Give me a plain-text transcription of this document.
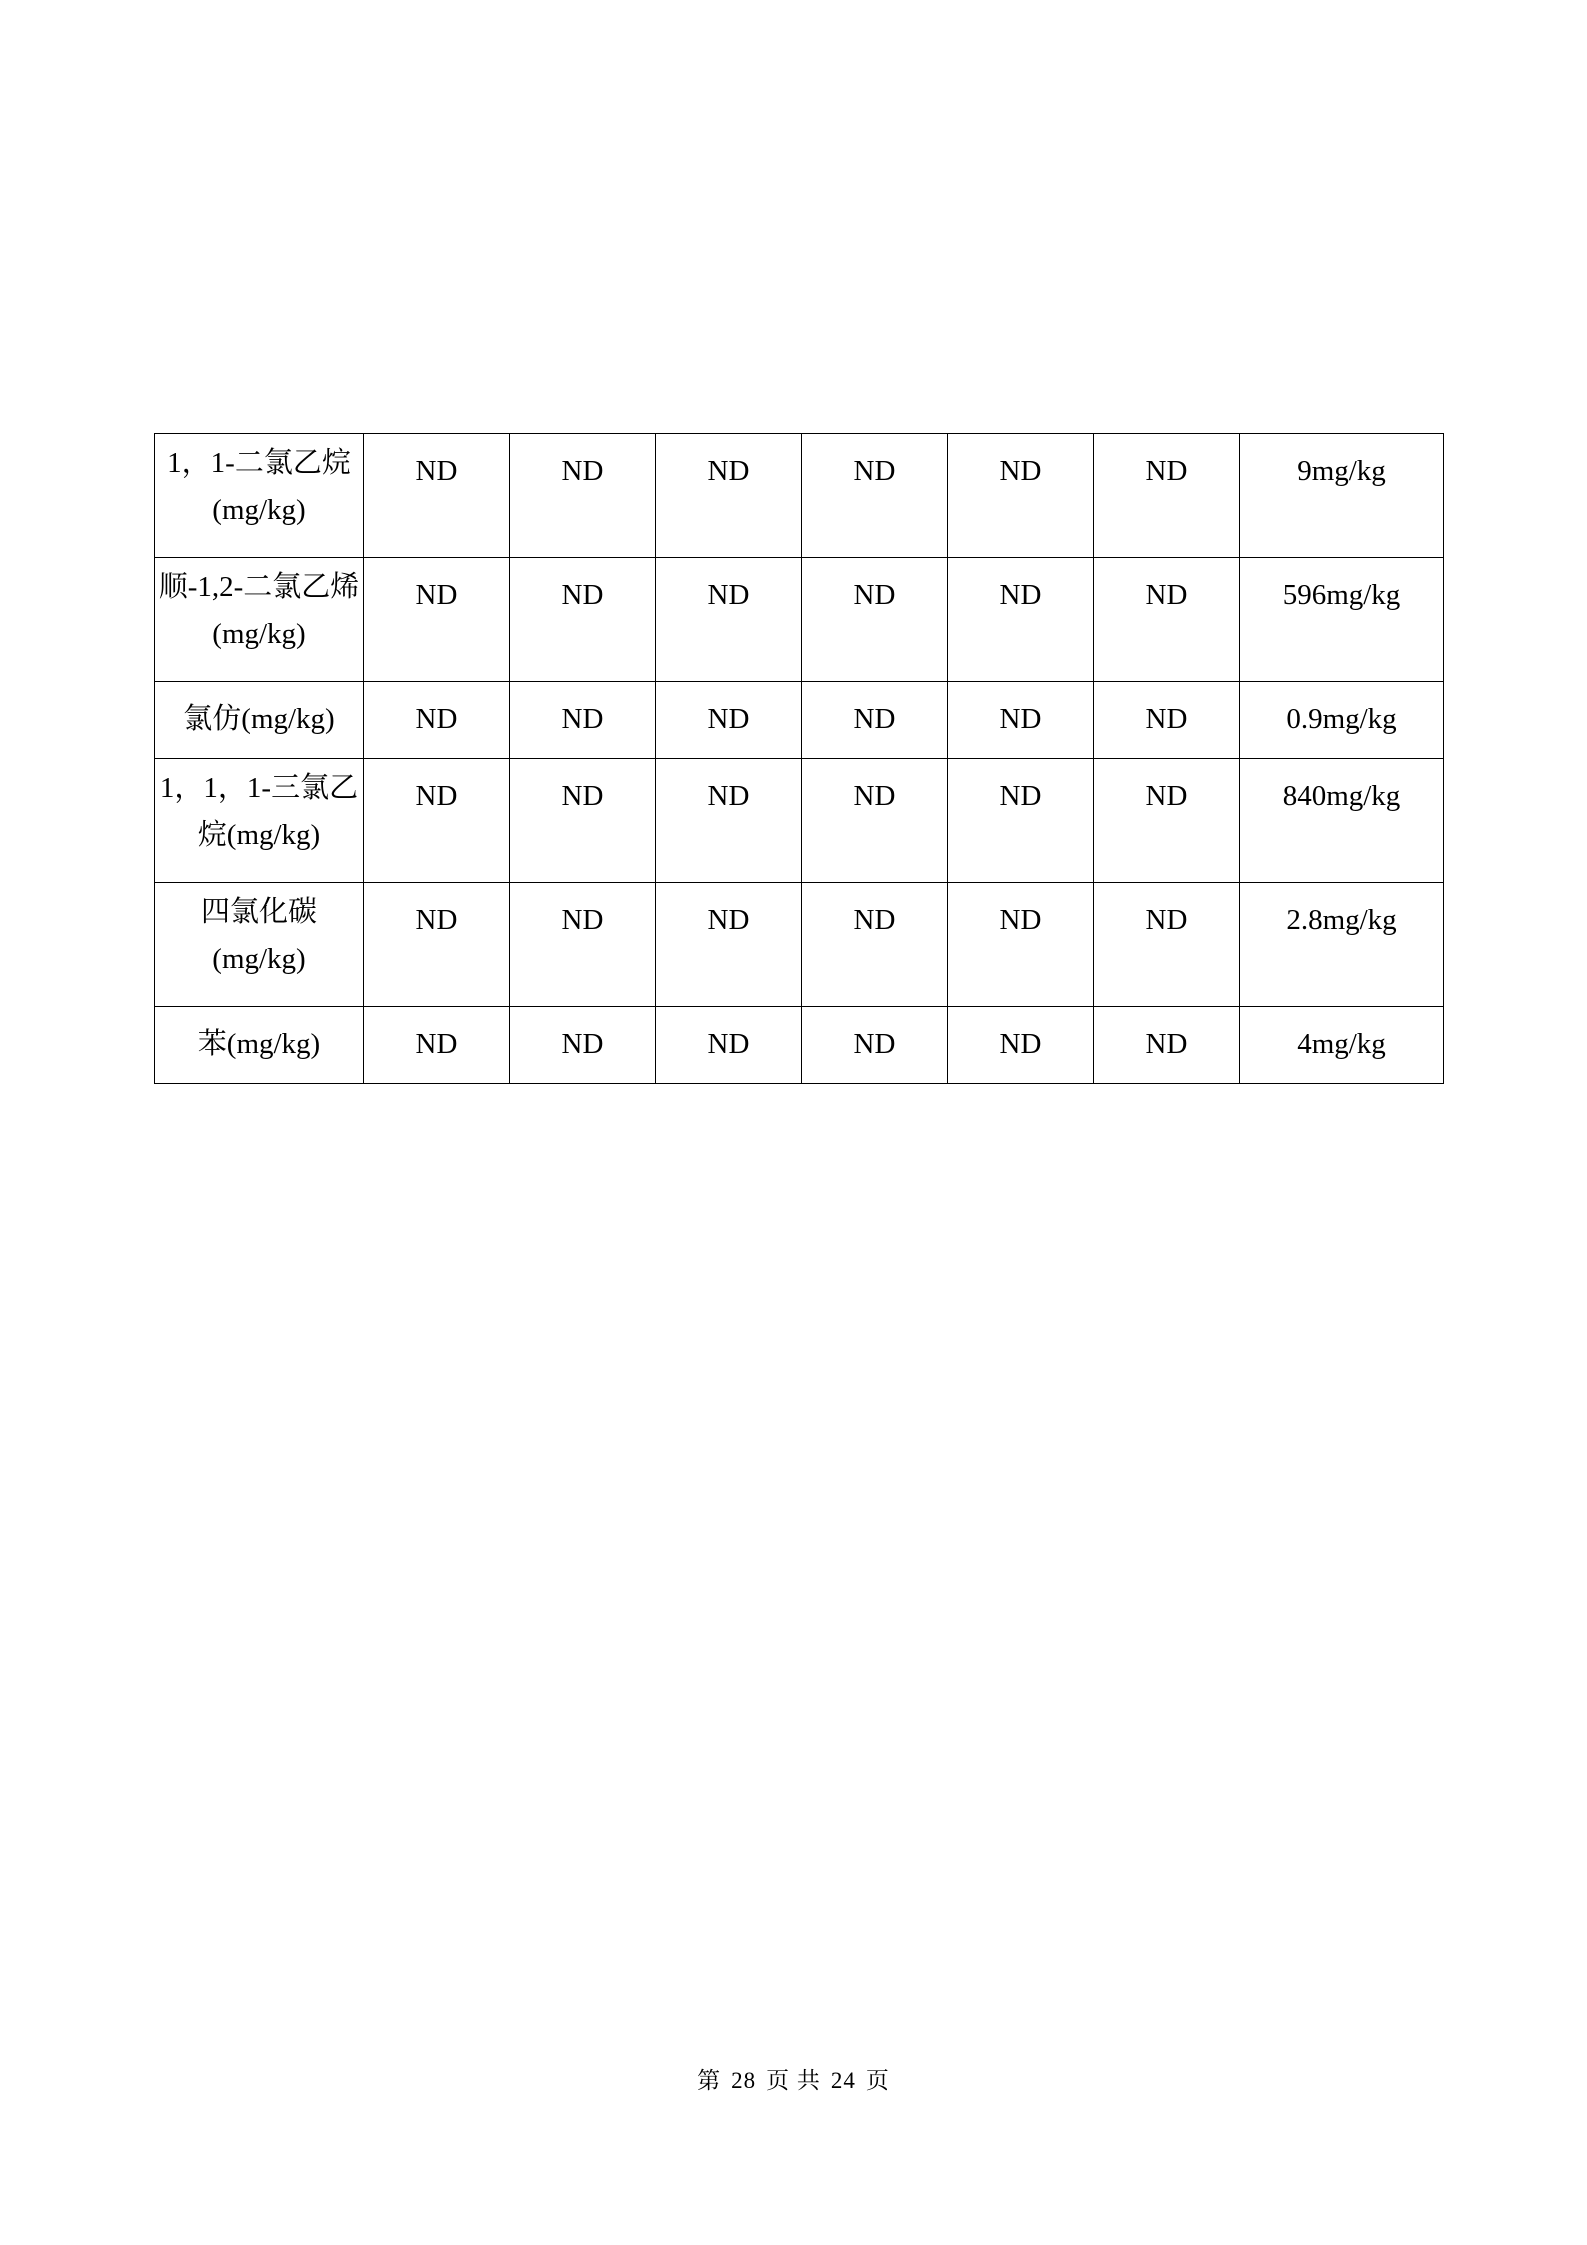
1，1-二氯乙烷(mg/kg)	ND	ND	ND	ND	ND	ND	9mg/kg
顺-1,2-二氯乙烯(mg/kg)	ND	ND	ND	ND	ND	ND	596mg/kg
氯仿(mg/kg)	ND	ND	ND	ND	ND	ND	0.9mg/kg
1，1，1-三氯乙烷(mg/kg)	ND	ND	ND	ND	ND	ND	840mg/kg
四氯化碳(mg/kg)	ND	ND	ND	ND	ND	ND	2.8mg/kg
苯(mg/kg)	ND	ND	ND	ND	ND	ND	4mg/kg
第 28 页 共 24 页
